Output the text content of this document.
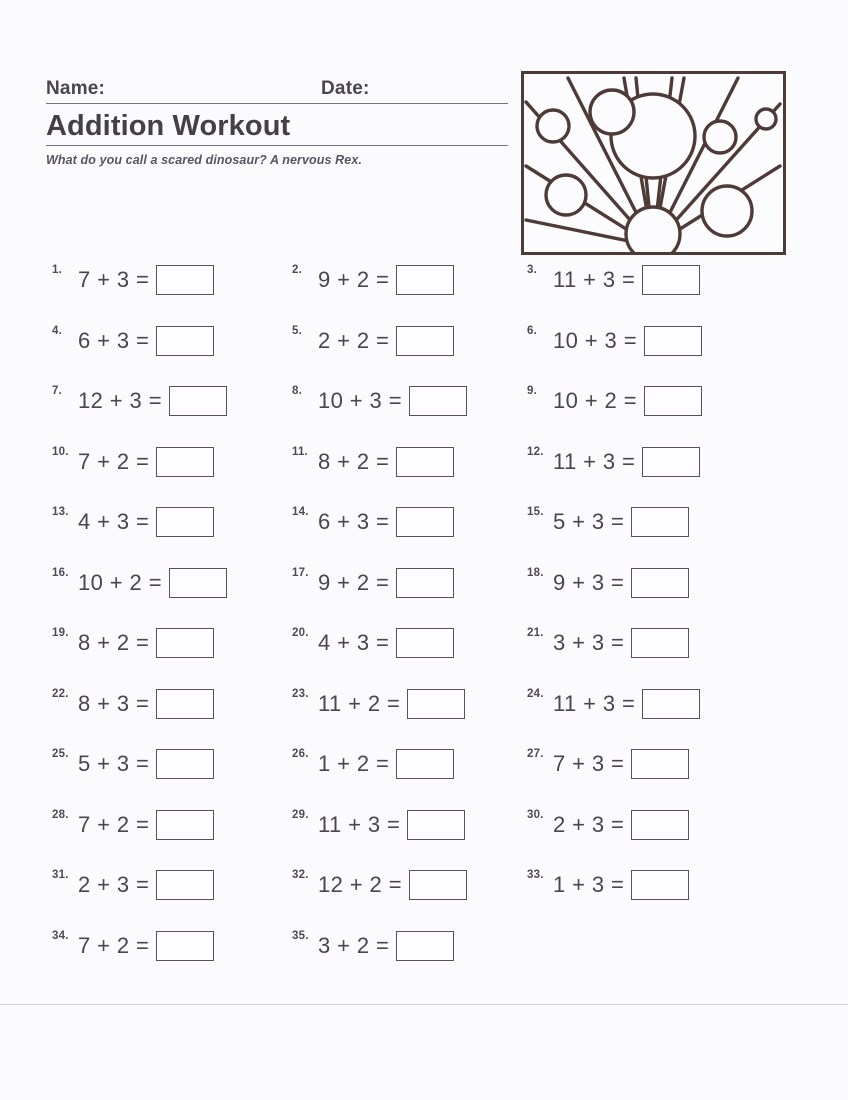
Name:	Date:
Addition Workout
What do you call a scared dinosaur? A nervous Rex.
1. 7 + 3 =	2. 9 + 2 =	3. 11 + 3 =
4. 6 + 3 =	5. 2 + 2 =	6. 10 + 3 =
7. 12 + 3 =	8. 10 + 3 =	9. 10 + 2 =
10. 7 + 2 =	11. 8 + 2 =	12. 11 + 3 =
13. 4 + 3 =	14. 6 + 3 =	15. 5 + 3 =
16. 10 + 2 =	17. 9 + 2 =	18. 9 + 3 =
19. 8 + 2 =	20. 4 + 3 =	21. 3 + 3 =
22. 8 + 3 =	23. 11 + 2 =	24. 11 + 3 =
25. 5 + 3 =	26. 1 + 2 =	27. 7 + 3 =
28. 7 + 2 =	29. 11 + 3 =	30. 2 + 3 =
31. 2 + 3 =	32. 12 + 2 =	33. 1 + 3 =
34. 7 + 2 =	35. 3 + 2 =
